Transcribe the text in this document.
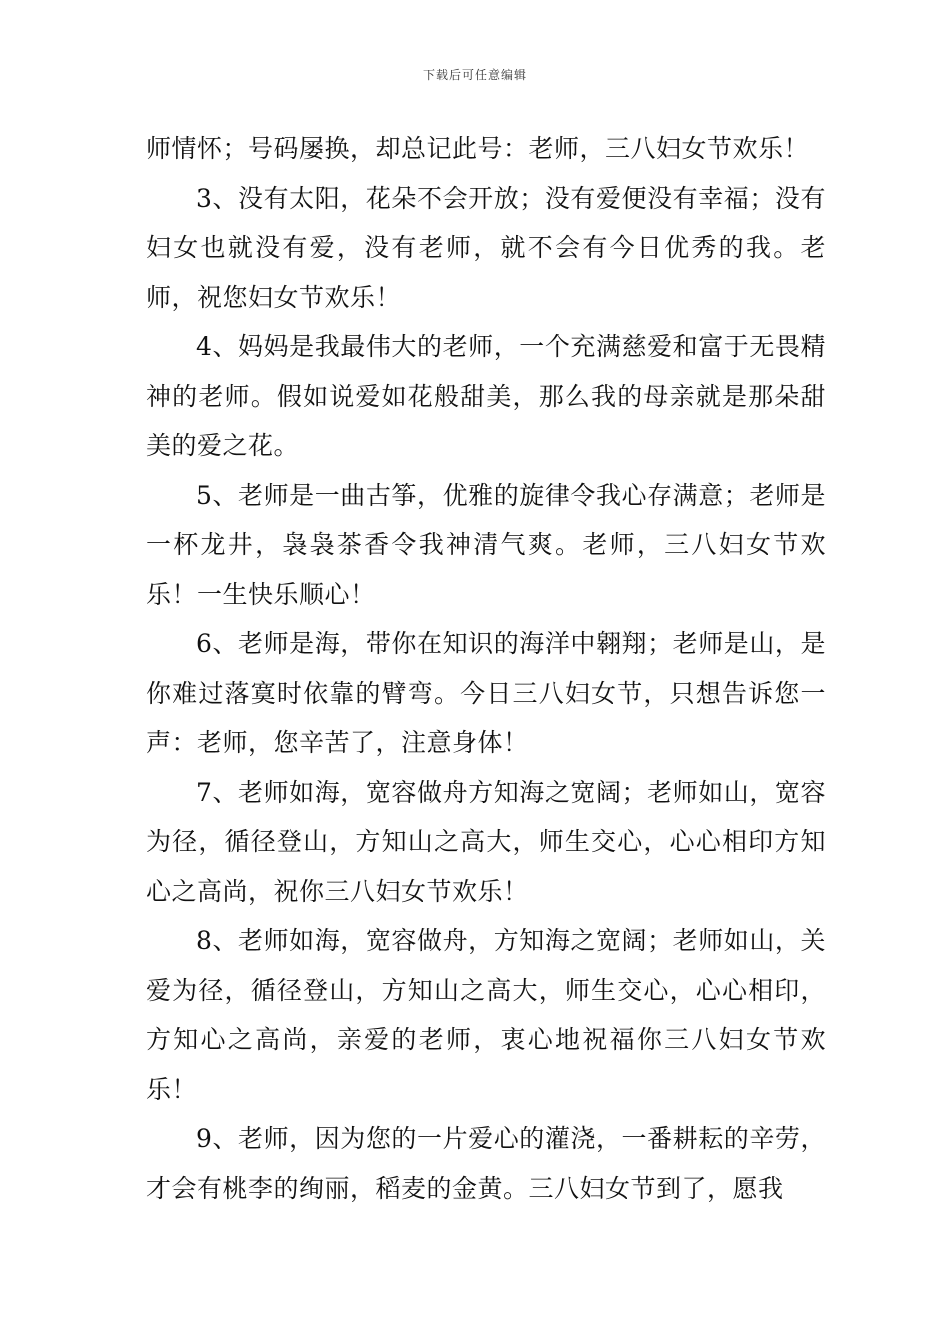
下载后可任意编辑

师情怀；号码屡换，却总记此号：老师，三八妇女节欢乐！

3、没有太阳，花朵不会开放；没有爱便没有幸福；没有妇女也就没有爱，没有老师，就不会有今日优秀的我。老师，祝您妇女节欢乐！

4、妈妈是我最伟大的老师，一个充满慈爱和富于无畏精神的老师。假如说爱如花般甜美，那么我的母亲就是那朵甜美的爱之花。

5、老师是一曲古筝，优雅的旋律令我心存满意；老师是一杯龙井，袅袅茶香令我神清气爽。老师，三八妇女节欢乐！一生快乐顺心！

6、老师是海，带你在知识的海洋中翱翔；老师是山，是你难过落寞时依靠的臂弯。今日三八妇女节，只想告诉您一声：老师，您辛苦了，注意身体！

7、老师如海，宽容做舟方知海之宽阔；老师如山，宽容为径，循径登山，方知山之高大，师生交心，心心相印方知心之高尚，祝你三八妇女节欢乐！

8、老师如海，宽容做舟，方知海之宽阔；老师如山，关爱为径，循径登山，方知山之高大，师生交心，心心相印，方知心之高尚，亲爱的老师，衷心地祝福你三八妇女节欢乐！

9、老师，因为您的一片爱心的灌浇，一番耕耘的辛劳，才会有桃李的绚丽，稻麦的金黄。三八妇女节到了，愿我
